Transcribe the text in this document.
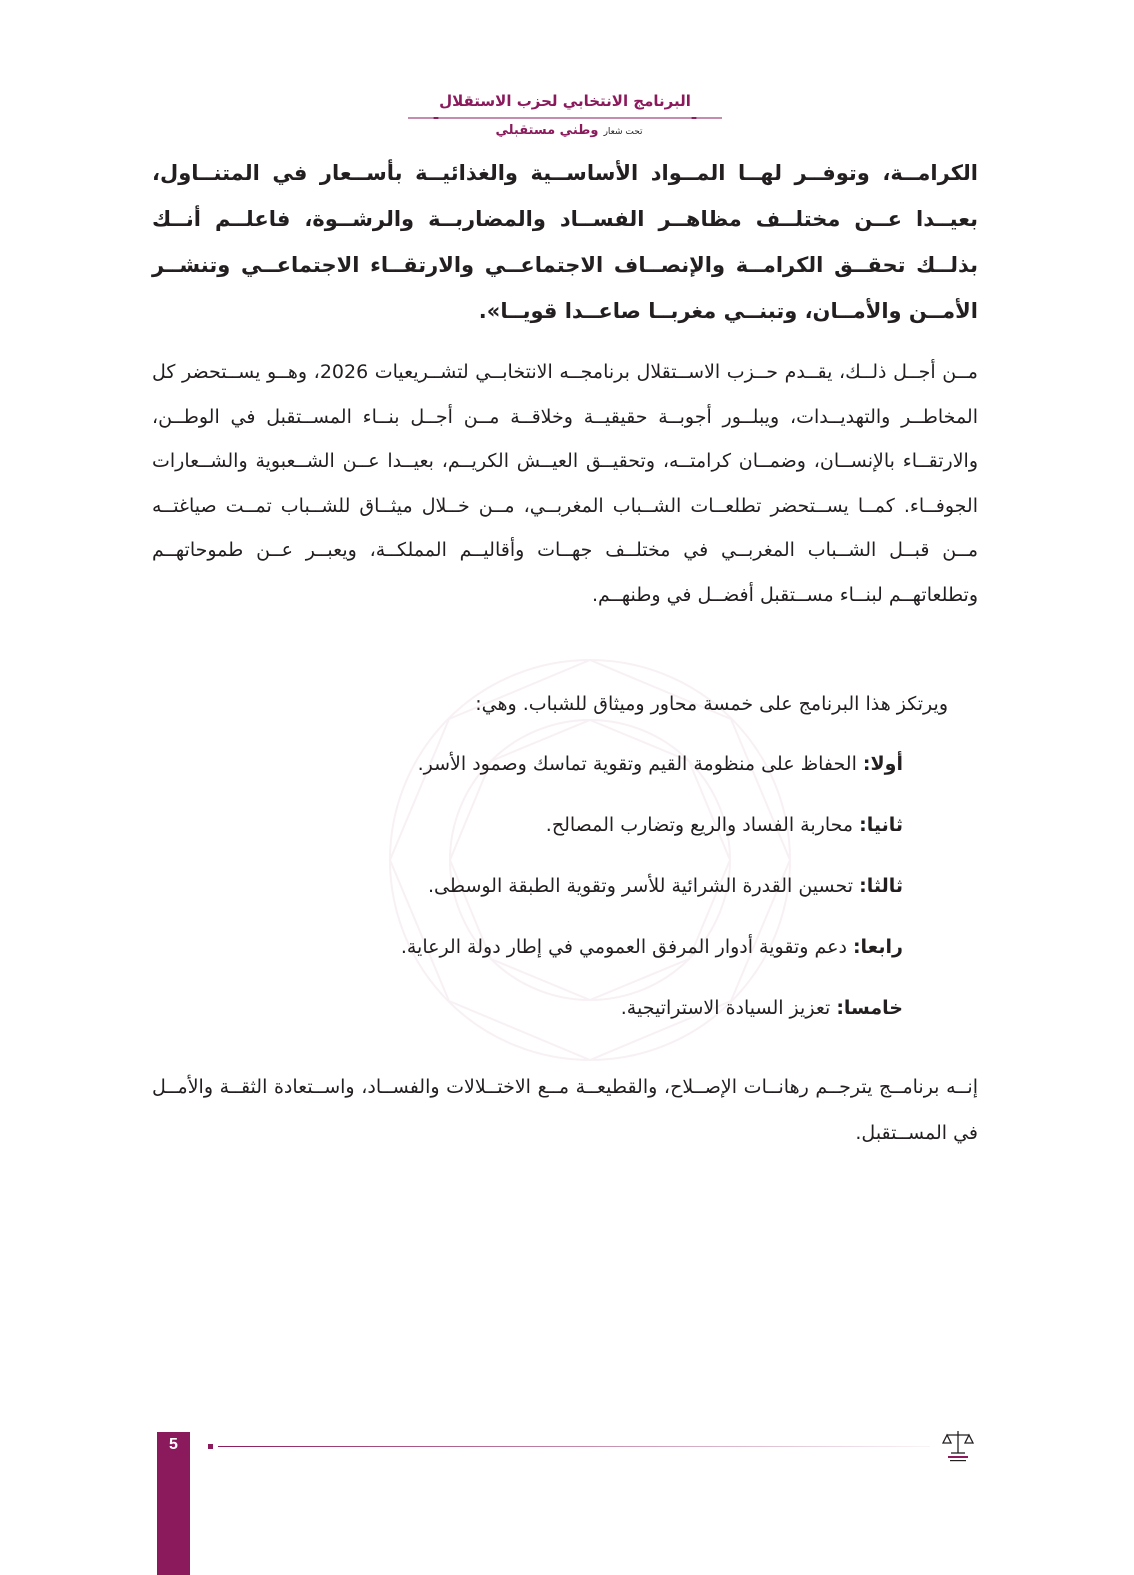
البرنامج الانتخابي لحزب الاستقلال
تحت شعار وطني مستقبلي
الكرامــة، وتوفــر لهــا المــواد الأساســية والغذائيــة بأســعار في المتنــاول، بعيــدا عــن مختلــف مظاهــر الفســاد والمضاربــة والرشــوة، فاعلــم أنــك بذلــك تحقــق الكرامــة والإنصــاف الاجتماعــي والارتقــاء الاجتماعــي وتنشــر الأمــن والأمــان، وتبنــي مغربــا صاعــدا قويــا».
مــن أجــل ذلــك، يقــدم حــزب الاســتقلال برنامجــه الانتخابــي لتشــريعيات 2026، وهــو يســتحضر كل المخاطــر والتهديــدات، ويبلــور أجوبــة حقيقيــة وخلاقــة مــن أجــل بنــاء المســتقبل في الوطــن، والارتقــاء بالإنســان، وضمــان كرامتــه، وتحقيــق العيــش الكريــم، بعيــدا عــن الشــعبوية والشــعارات الجوفــاء. كمــا يســتحضر تطلعــات الشــباب المغربــي، مــن خــلال ميثــاق للشــباب تمــت صياغتــه مــن قبــل الشــباب المغربــي في مختلــف جهــات وأقاليــم المملكــة، ويعبــر عــن طموحاتهــم وتطلعاتهــم لبنــاء مســتقبل أفضــل في وطنهــم.
ويرتكز هذا البرنامج على خمسة محاور وميثاق للشباب. وهي:
أولا: الحفاظ على منظومة القيم وتقوية تماسك وصمود الأسر.
ثانيا: محاربة الفساد والريع وتضارب المصالح.
ثالثا: تحسين القدرة الشرائية للأسر وتقوية الطبقة الوسطى.
رابعا: دعم وتقوية أدوار المرفق العمومي في إطار دولة الرعاية.
خامسا: تعزيز السيادة الاستراتيجية.
إنــه برنامــج يترجــم رهانــات الإصــلاح، والقطيعــة مــع الاختــلالات والفســاد، واســتعادة الثقــة والأمــل في المســتقبل.
5
